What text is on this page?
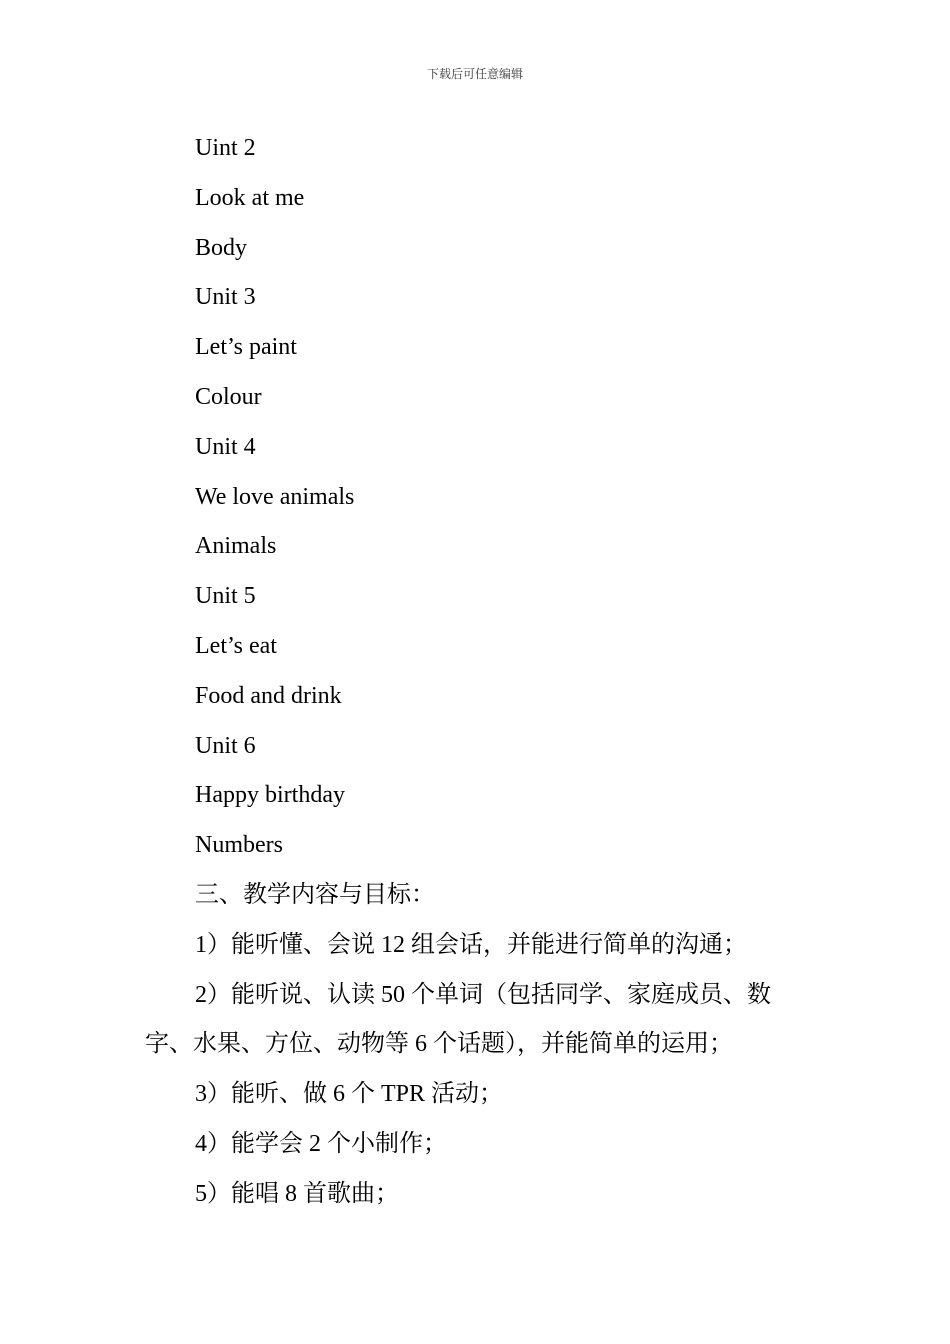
下载后可任意编辑
Uint 2
Look at me
Body
Unit 3
Let’s paint
Colour
Unit 4
We love animals
Animals
Unit 5
Let’s eat
Food and drink
Unit 6
Happy birthday
Numbers
三、教学内容与目标：
1）能听懂、会说 12 组会话，并能进行简单的沟通；
2）能听说、认读 50 个单词（包括同学、家庭成员、数字、水果、方位、动物等 6 个话题），并能简单的运用；
3）能听、做 6 个 TPR 活动；
4）能学会 2 个小制作；
5）能唱 8 首歌曲；
